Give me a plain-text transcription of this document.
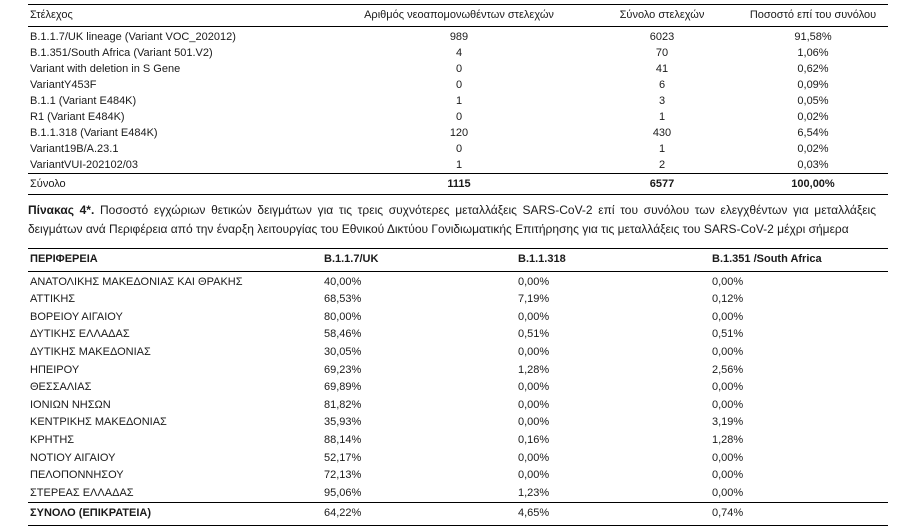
Στέλεχος	Αριθμός νεοαπομονωθέντων στελεχών	Σύνολο στελεχών	Ποσοστό επί του συνόλου
B.1.1.7/UK lineage (Variant VOC_202012)	989	6023	91,58%
B.1.351/South Africa (Variant 501.V2)	4	70	1,06%
Variant with deletion in S Gene	0	41	0,62%
VariantY453F	0	6	0,09%
B.1.1 (Variant E484K)	1	3	0,05%
R1 (Variant E484K)	0	1	0,02%
B.1.1.318 (Variant E484K)	120	430	6,54%
Variant19B/A.23.1	0	1	0,02%
VariantVUI-202102/03	1	2	0,03%
Σύνολο	1115	6577	100,00%

Πίνακας 4*. Ποσοστό εγχώριων θετικών δειγμάτων για τις τρεις συχνότερες μεταλλάξεις SARS-CoV-2 επί του συνόλου των ελεγχθέντων για μεταλλάξεις δειγμάτων ανά Περιφέρεια από την έναρξη λειτουργίας του Εθνικού Δικτύου Γονιδιωματικής Επιτήρησης για τις μεταλλάξεις του SARS-CoV-2 μέχρι σήμερα

ΠΕΡΙΦΕΡΕΙΑ	B.1.1.7/UK	B.1.1.318	B.1.351 /South Africa
ΑΝΑΤΟΛΙΚΗΣ ΜΑΚΕΔΟΝΙΑΣ ΚΑΙ ΘΡΑΚΗΣ	40,00%	0,00%	0,00%
ΑΤΤΙΚΗΣ	68,53%	7,19%	0,12%
ΒΟΡΕΙΟΥ ΑΙΓΑΙΟΥ	80,00%	0,00%	0,00%
ΔΥΤΙΚΗΣ ΕΛΛΑΔΑΣ	58,46%	0,51%	0,51%
ΔΥΤΙΚΗΣ ΜΑΚΕΔΟΝΙΑΣ	30,05%	0,00%	0,00%
ΗΠΕΙΡΟΥ	69,23%	1,28%	2,56%
ΘΕΣΣΑΛΙΑΣ	69,89%	0,00%	0,00%
ΙΟΝΙΩΝ ΝΗΣΩΝ	81,82%	0,00%	0,00%
ΚΕΝΤΡΙΚΗΣ ΜΑΚΕΔΟΝΙΑΣ	35,93%	0,00%	3,19%
ΚΡΗΤΗΣ	88,14%	0,16%	1,28%
ΝΟΤΙΟΥ ΑΙΓΑΙΟΥ	52,17%	0,00%	0,00%
ΠΕΛΟΠΟΝΝΗΣΟΥ	72,13%	0,00%	0,00%
ΣΤΕΡΕΑΣ ΕΛΛΑΔΑΣ	95,06%	1,23%	0,00%
ΣΥΝΟΛΟ (ΕΠΙΚΡΑΤΕΙΑ)	64,22%	4,65%	0,74%
